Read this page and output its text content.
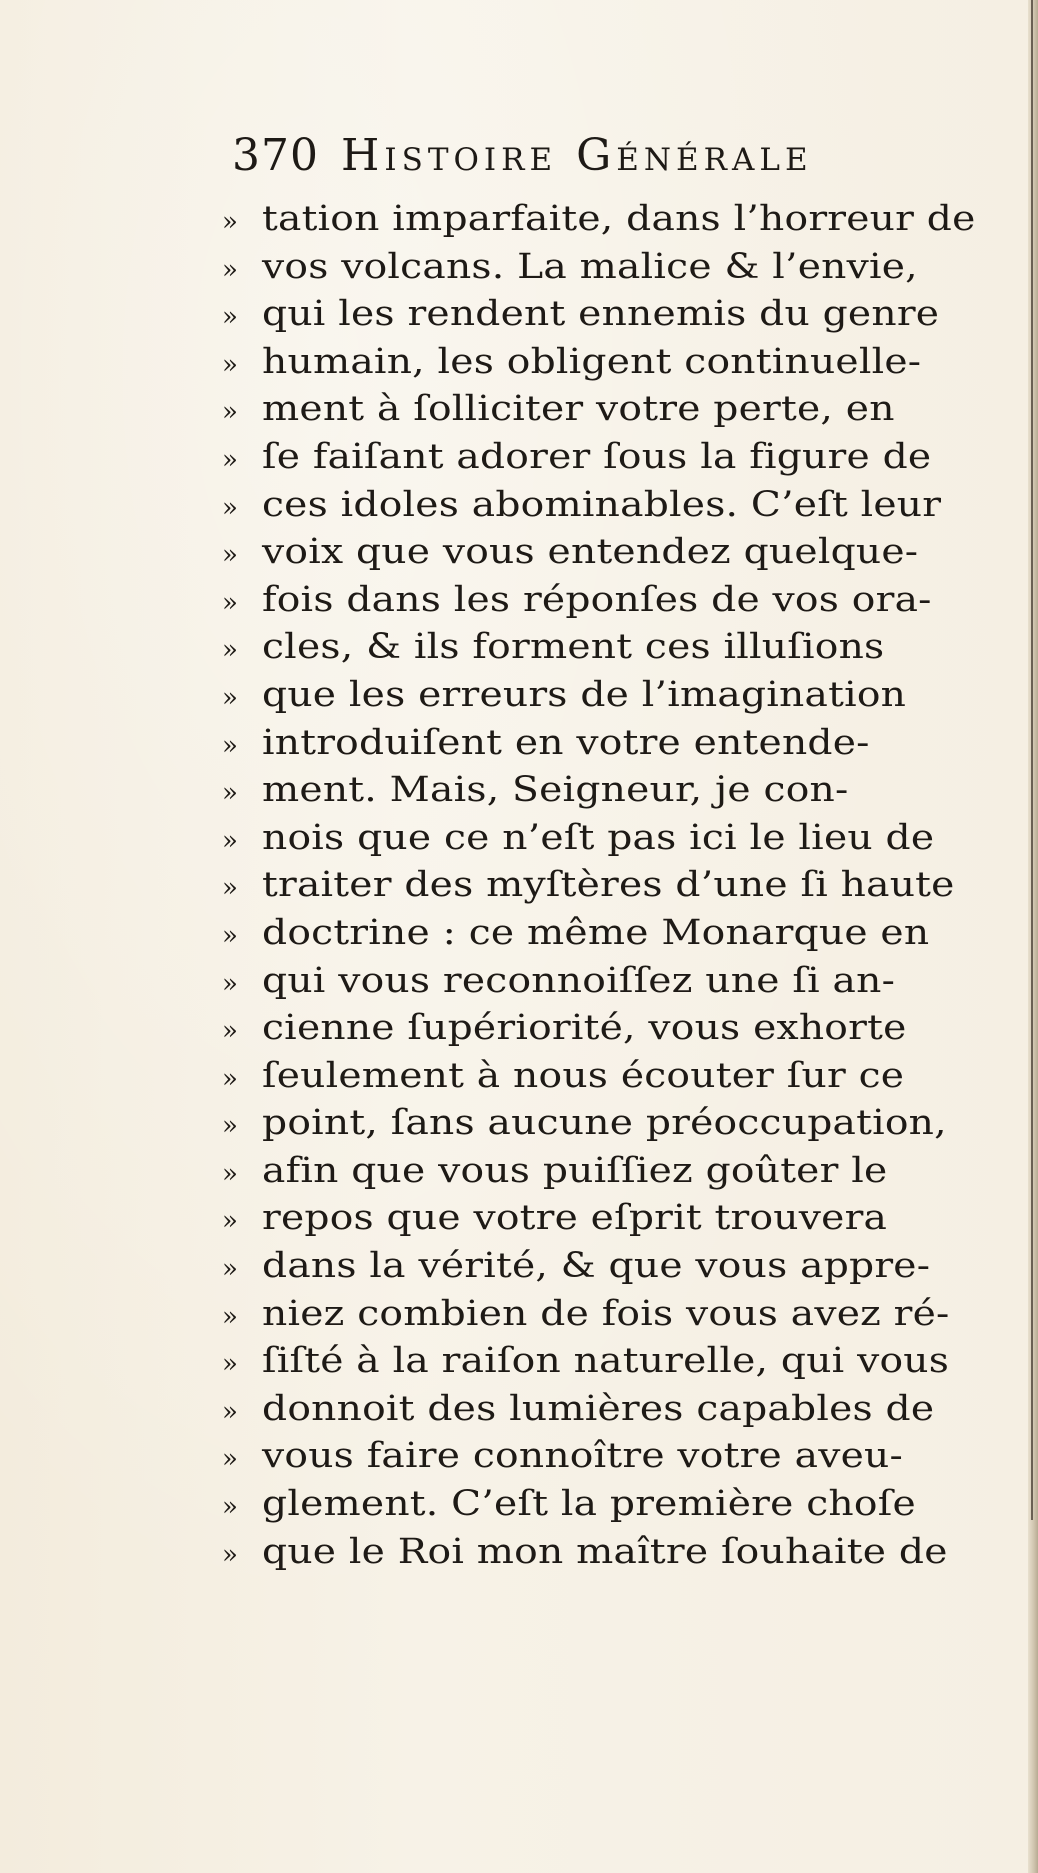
370 Histoire Générale
» tation imparfaite, dans l’horreur de
» vos volcans. La malice & l’envie,
» qui les rendent ennemis du genre
» humain, les obligent continuelle-
» ment à ſolliciter votre perte, en
» ſe faiſant adorer ſous la figure de
» ces idoles abominables. C’eſt leur
» voix que vous entendez quelque-
» fois dans les réponſes de vos ora-
» cles, & ils forment ces illuſions
» que les erreurs de l’imagination
» introduiſent en votre entende-
» ment. Mais, Seigneur, je con-
» nois que ce n’eſt pas ici le lieu de
» traiter des myſtères d’une ſi haute
» doctrine : ce même Monarque en
» qui vous reconnoiſſez une ſi an-
» cienne ſupériorité, vous exhorte
» ſeulement à nous écouter ſur ce
» point, ſans aucune préoccupation,
» afin que vous puiſſiez goûter le
» repos que votre eſprit trouvera
» dans la vérité, & que vous appre-
» niez combien de fois vous avez ré-
» ſiſté à la raiſon naturelle, qui vous
» donnoit des lumières capables de
» vous faire connoître votre aveu-
» glement. C’eſt la première choſe
» que le Roi mon maître ſouhaite de
